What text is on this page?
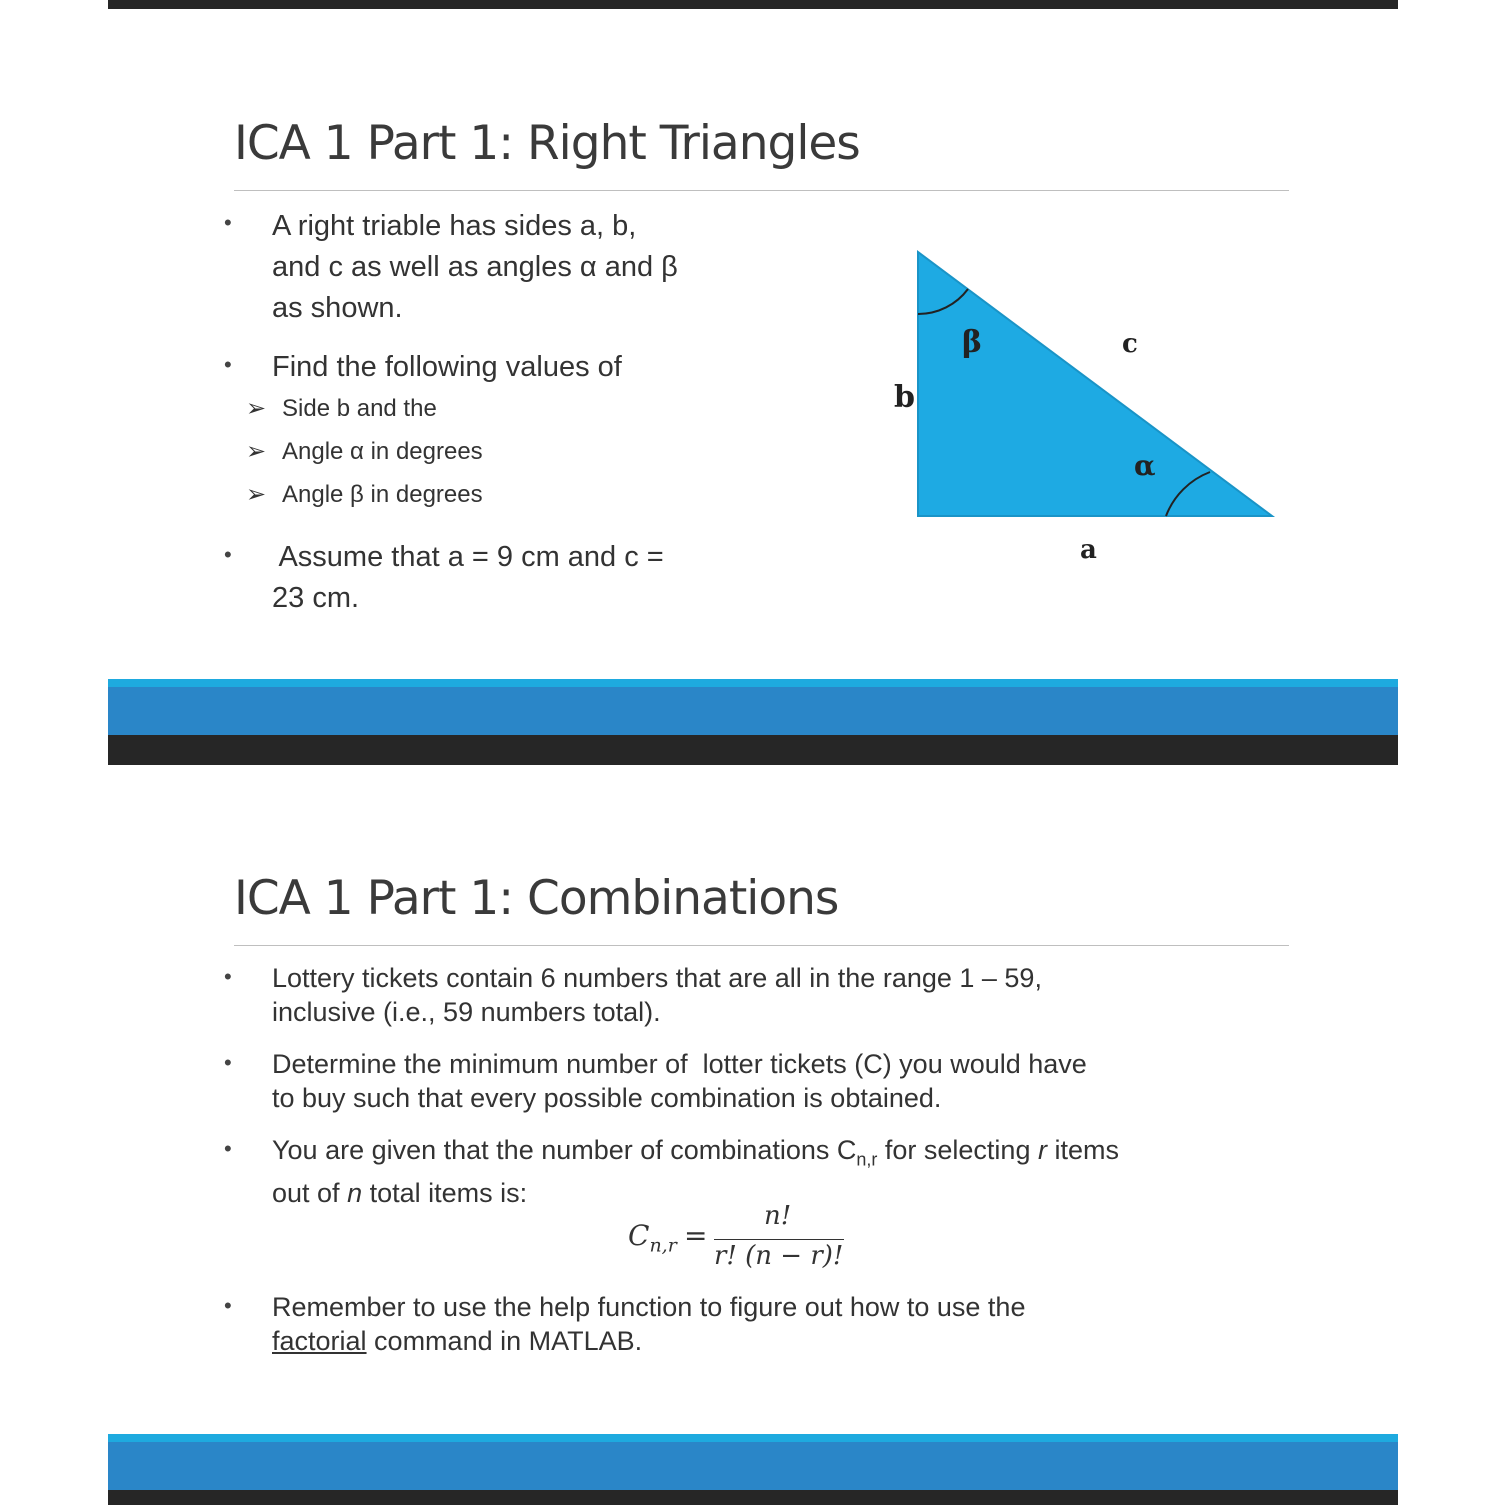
ICA 1 Part 1: Right Triangles
• A right triable has sides a, b,
and c as well as angles α and β
as shown.
• Find the following values of
➢ Side b and the
➢ Angle α in degrees
➢ Angle β in degrees
• Assume that a = 9 cm and c =
23 cm.
β	c
b
α
a
ICA 1 Part 1: Combinations
• Lottery tickets contain 6 numbers that are all in the range 1 – 59,
inclusive (i.e., 59 numbers total).
• Determine the minimum number of  lotter tickets (C) you would have
to buy such that every possible combination is obtained.
• You are given that the number of combinations $C_{n,r}$ for selecting r items
out of n total items is:
$C_{n,r}$ =
n!
r! (n − r)!
• Remember to use the help function to figure out how to use the
factorial command in MATLAB.
